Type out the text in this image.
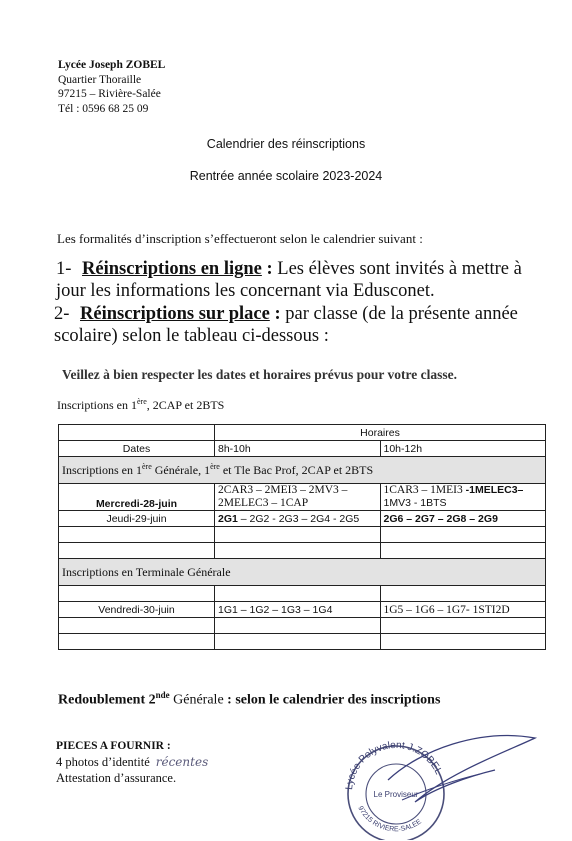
Lycée Joseph ZOBEL
Quartier Thoraille
97215 – Rivière-Salée
Tél : 0596 68 25 09
Calendrier des réinscriptions
Rentrée année scolaire 2023-2024
Les formalités d’inscription s’effectueront selon le calendrier suivant :
1- Réinscriptions en ligne : Les élèves sont invités à mettre à jour les informations les concernant via Edusconet.
2- Réinscriptions sur place : par classe (de la présente année scolaire) selon le tableau ci-dessous :
Veillez à bien respecter les dates et horaires prévus pour votre classe.
Inscriptions en 1ère, 2CAP et 2BTS
	Horaires	
Dates	8h-10h	10h-12h
Inscriptions en 1ère Générale, 1ère et Tle Bac Prof, 2CAP et 2BTS		
Mercredi-28-juin	2CAR3 – 2MEI3 – 2MV3 – 2MELEC3 – 1CAP	1CAR3 – 1MEI3 -1MELEC3–
1MV3 - 1BTS
Jeudi-29-juin	2G1 – 2G2 - 2G3 – 2G4 - 2G5	2G6 – 2G7 – 2G8 – 2G9

Inscriptions en Terminale Générale		

Vendredi-30-juin	1G1 – 1G2 – 1G3 – 1G4	1G5 – 1G6 – 1G7- 1STI2D

Redoublement 2nde Générale : selon le calendrier des inscriptions
PIECES A FOURNIR :
4 photos d’identité récentes
Attestation d’assurance.
Lycée Polyvalent J.ZOBEL
Le Proviseur
97215 RIVIERE-SALEE
